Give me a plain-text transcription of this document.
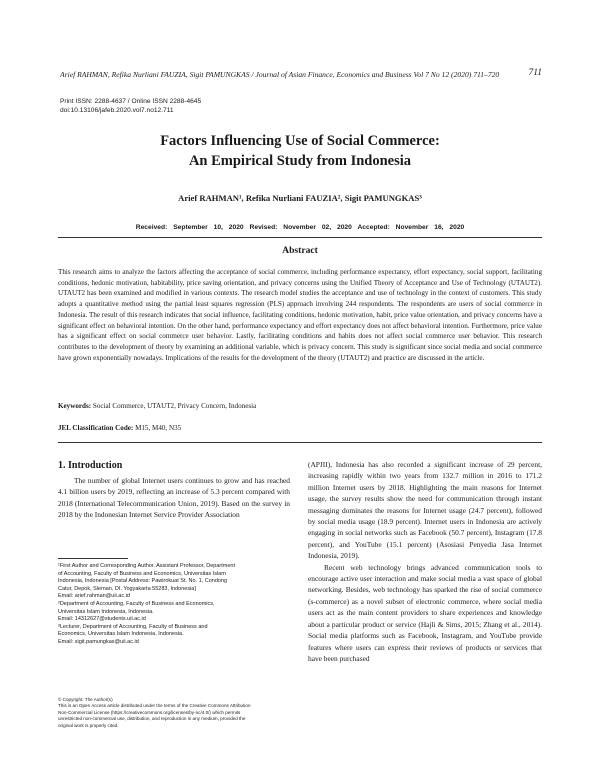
Arief RAHMAN, Refika Nurliani FAUZIA, Sigit PAMUNGKAS / Journal of Asian Finance, Economics and Business Vol 7 No 12 (2020) 711–720	711
Print ISSN: 2288-4637 / Online ISSN 2288-4645
doi:10.13106/jafeb.2020.vol7.no12.711
Factors Influencing Use of Social Commerce:
An Empirical Study from Indonesia
Arief RAHMAN¹, Refika Nurliani FAUZIA², Sigit PAMUNGKAS³
Received: September 10, 2020 Revised: November 02, 2020 Accepted: November 16, 2020
Abstract
This research aims to analyze the factors affecting the acceptance of social commerce, including performance expectancy, effort expectancy, social support, facilitating conditions, hedonic motivation, habitability, price saving orientation, and privacy concerns using the Unified Theory of Acceptance and Use of Technology (UTAUT2). UTAUT2 has been examined and modified in various contexts. The research model studies the acceptance and use of technology in the context of customers. This study adopts a quantitative method using the partial least squares regression (PLS) approach involving 244 respondents. The respondents are users of social commerce in Indonesia. The result of this research indicates that social influence, facilitating conditions, hedonic motivation, habit, price value orientation, and privacy concerns have a significant effect on behavioral intention. On the other hand, performance expectancy and effort expectancy does not affect behavioral intention. Furthermore, price value has a significant effect on social commerce user behavior. Lastly, facilitating conditions and habits does not affect social commerce user behavior. This research contributes to the development of theory by examining an additional variable, which is privacy concern. This study is significant since social media and social commerce have grown exponentially nowadays. Implications of the results for the development of the theory (UTAUT2) and practice are discussed in the article.
Keywords: Social Commerce, UTAUT2, Privacy Concern, Indonesia
JEL Classification Code: M15, M40, N35
1. Introduction

The number of global Internet users continues to grow and has reached 4.1 billion users by 2019, reflecting an increase of 5.3 percent compared with 2018 (International Telecommunication Union, 2019). Based on the survey in 2018 by the Indonesian Internet Service Provider Association

(APJII), Indonesia has also recorded a significant increase of 29 percent, increasing rapidly within two years from 132.7 million in 2016 to 171.2 million Internet users by 2018. Highlighting the main reasons for Internet usage, the survey results show the need for communication through instant messaging dominates the reasons for Internet usage (24.7 percent), followed by social media usage (18.9 percent). Internet users in Indonesia are actively engaging in social networks such as Facebook (50.7 percent), Instagram (17.8 percent), and YouTube (15.1 percent) (Asosiasi Penyedia Jasa Internet Indonesia, 2019).

Recent web technology brings advanced communication tools to encourage active user interaction and make social media a vast space of global networking. Besides, web technology has sparked the rise of social commerce (s-commerce) as a novel subset of electronic commerce, where social media users act as the main content providers to share experiences and knowledge about a particular product or service (Hajli & Sims, 2015; Zhang et al., 2014). Social media platforms such as Facebook, Instagram, and YouTube provide features where users can express their reviews of products or services that have been purchased

¹First Author and Corresponding Author. Assistant Professor, Department
of Accounting, Faculty of Business and Economics, Universitas Islam
Indonesia, Indonesia [Postal Address: Pawirokuat St. No. 1, Condong
Catur, Depok, Sleman, DI. Yogyakarta 55283, Indonesia]
Email: arief.rahman@uii.ac.id
²Department of Accounting, Faculty of Business and Economics,
Universitas Islam Indonesia, Indonesia.
Email: 14312627@students.uii.ac.id
³Lecturer, Department of Accounting, Faculty of Business and
Economics, Universitas Islam Indonesia, Indonesia.
Email: sigit.pamungkas@uii.ac.id
© Copyright: The Author(s)
This is an Open Access article distributed under the terms of the Creative Commons Attribution
Non-Commercial License (https://creativecommons.org/licenses/by-nc/4.0/) which permits
unrestricted non-commercial use, distribution, and reproduction in any medium, provided the
original work is properly cited.
